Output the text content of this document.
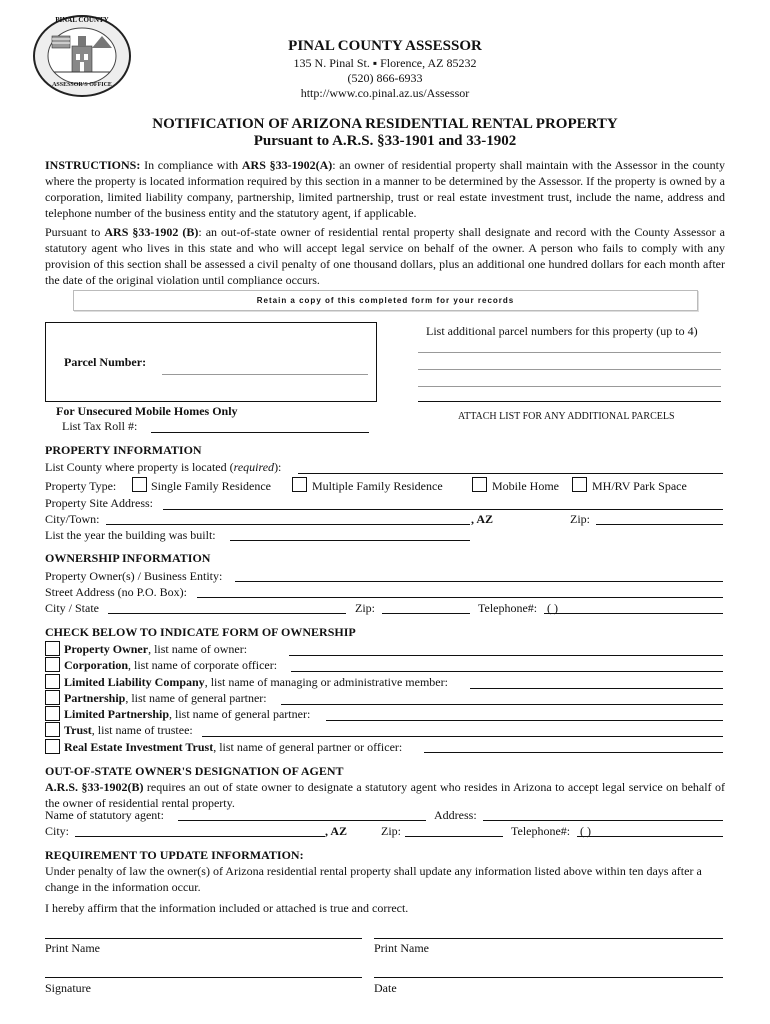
PINAL COUNTY
ASSESSOR'S OFFICE
PINAL COUNTY ASSESSOR
135 N. Pinal St. ▪ Florence, AZ 85232
(520) 866-6933
http://www.co.pinal.az.us/Assessor
NOTIFICATION OF ARIZONA RESIDENTIAL RENTAL PROPERTY
Pursuant to A.R.S. §33-1901 and 33-1902
INSTRUCTIONS: In compliance with ARS §33-1902(A): an owner of residential property shall maintain with the Assessor in the county where the property is located information required by this section in a manner to be determined by the Assessor. If the property is owned by a corporation, limited liability company, partnership, limited partnership, trust or real estate investment trust, include the name, address and telephone number of the business entity and the statutory agent, if applicable.
Pursuant to ARS §33-1902 (B): an out-of-state owner of residential rental property shall designate and record with the County Assessor a statutory agent who lives in this state and who will accept legal service on behalf of the owner. A person who fails to comply with any provision of this section shall be assessed a civil penalty of one thousand dollars, plus an additional one hundred dollars for each month after the date of the original violation until compliance occurs.
Retain a copy of this completed form for your records
Parcel Number:
List additional parcel numbers for this property (up to 4)
ATTACH LIST FOR ANY ADDITIONAL PARCELS
For Unsecured Mobile Homes Only
List Tax Roll #:
PROPERTY INFORMATION
List County where property is located (required):
Property Type:	Single Family Residence	Multiple Family Residence	Mobile Home	MH/RV Park Space
Property Site Address:
City/Town:	, AZ	Zip:
List the year the building was built:
OWNERSHIP INFORMATION
Property Owner(s) / Business Entity:
Street Address (no P.O. Box):
City / State	Zip:	Telephone#: ( )
CHECK BELOW TO INDICATE FORM OF OWNERSHIP
Property Owner, list name of owner:
Corporation, list name of corporate officer:
Limited Liability Company, list name of managing or administrative member:
Partnership, list name of general partner:
Limited Partnership, list name of general partner:
Trust, list name of trustee:
Real Estate Investment Trust, list name of general partner or officer:
OUT-OF-STATE OWNER'S DESIGNATION OF AGENT
A.R.S. §33-1902(B) requires an out of state owner to designate a statutory agent who resides in Arizona to accept legal service on behalf of the owner of residential rental property.
Name of statutory agent:	Address:
City:	, AZ	Zip:	Telephone#: ( )
REQUIREMENT TO UPDATE INFORMATION:
Under penalty of law the owner(s) of Arizona residential rental property shall update any information listed above within ten days after a change in the information occur.
I hereby affirm that the information included or attached is true and correct.
Print Name	Print Name
Signature	Date
